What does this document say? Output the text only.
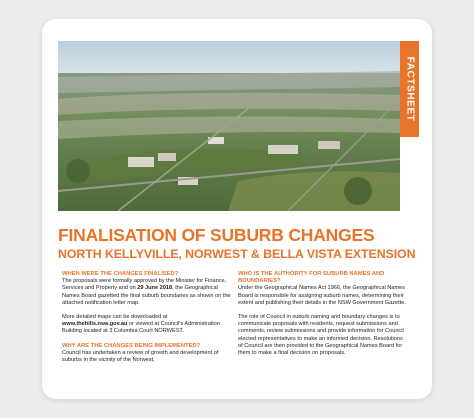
FACTSHEET
FINALISATION OF SUBURB CHANGES
NORTH KELLYVILLE, NORWEST & BELLA VISTA EXTENSION
WHEN WERE THE CHANGES FINALISED?

The proposals were formally approved by the Minister for Finance, Services and Property and on 29 June 2018, the Geographical Names Board gazetted the final suburb boundaries as shown on the attached notification letter map.

More detailed maps can be downloaded at www.thehills.nsw.gov.au or viewed at Council's Administration Building located at 3 Columbia Court NORWEST.

WHY ARE THE CHANGES BEING IMPLEMENTED?

Council has undertaken a review of growth and development of suburbs in the vicinity of the Norwest,

WHO IS THE AUTHORITY FOR SUBURB NAMES AND BOUNDARIES?

Under the Geographical Names Act 1966, the Geographical Names Board is responsible for assigning suburb names, determining their extent and publishing their details in the NSW Government Gazette.

The role of Council in suburb naming and boundary changes is to communicate proposals with residents, request submissions and comments, review submissions and provide information for Council elected representatives to make an informed decision. Resolutions of Council are then provided to the Geographical Names Board for them to make a final decision on proposals.
